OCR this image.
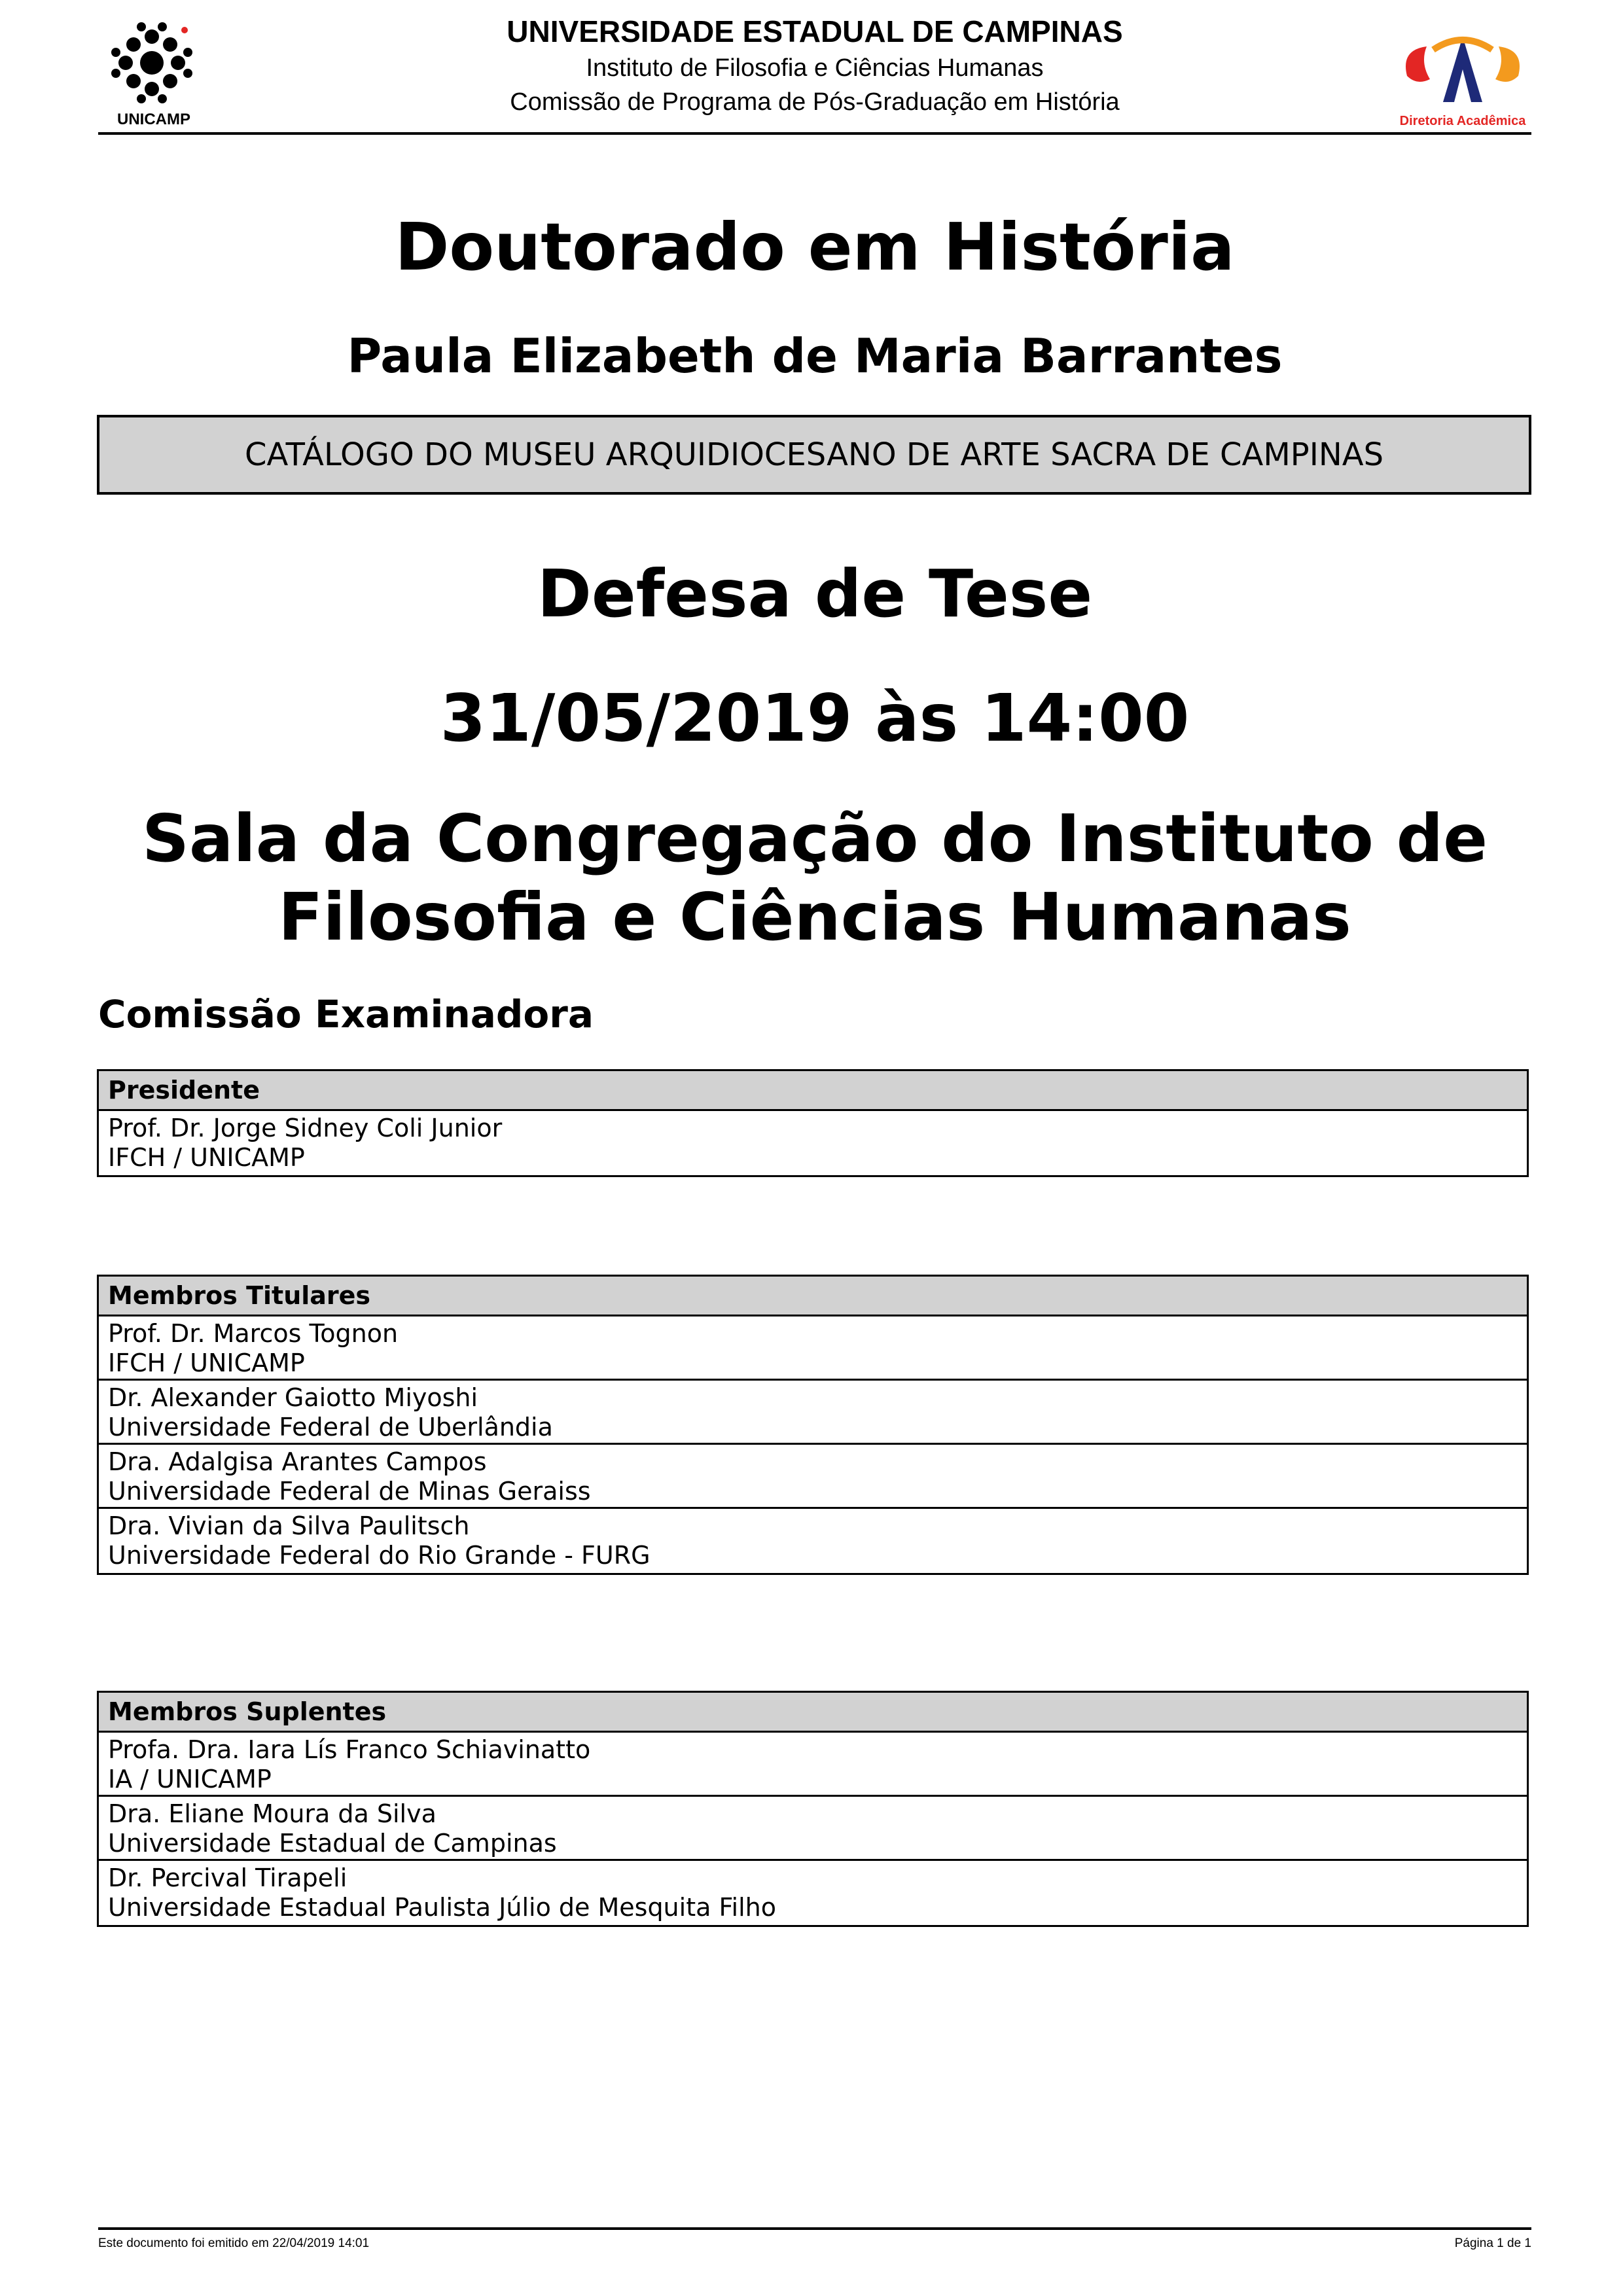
UNICAMP
UNIVERSIDADE ESTADUAL DE CAMPINAS
Instituto de Filosofia e Ciências Humanas
Comissão de Programa de Pós-Graduação em História
Diretoria Acadêmica
Doutorado em História
Paula Elizabeth de Maria Barrantes
CATÁLOGO DO MUSEU ARQUIDIOCESANO DE ARTE SACRA DE CAMPINAS
Defesa de Tese
31/05/2019 às 14:00
Sala da Congregação do Instituto de
Filosofia e Ciências Humanas
Comissão Examinadora
Presidente
Prof. Dr. Jorge Sidney Coli Junior
IFCH / UNICAMP
Membros Titulares
Prof. Dr. Marcos Tognon
IFCH / UNICAMP
Dr. Alexander Gaiotto Miyoshi
Universidade Federal de Uberlândia
Dra. Adalgisa Arantes Campos
Universidade Federal de Minas Geraiss
Dra. Vivian da Silva Paulitsch
Universidade Federal do Rio Grande - FURG
Membros Suplentes
Profa. Dra. Iara Lís Franco Schiavinatto
IA / UNICAMP
Dra. Eliane Moura da Silva
Universidade Estadual de Campinas
Dr. Percival Tirapeli
Universidade Estadual Paulista Júlio de Mesquita Filho
Este documento foi emitido em 22/04/2019 14:01	Página 1 de 1
